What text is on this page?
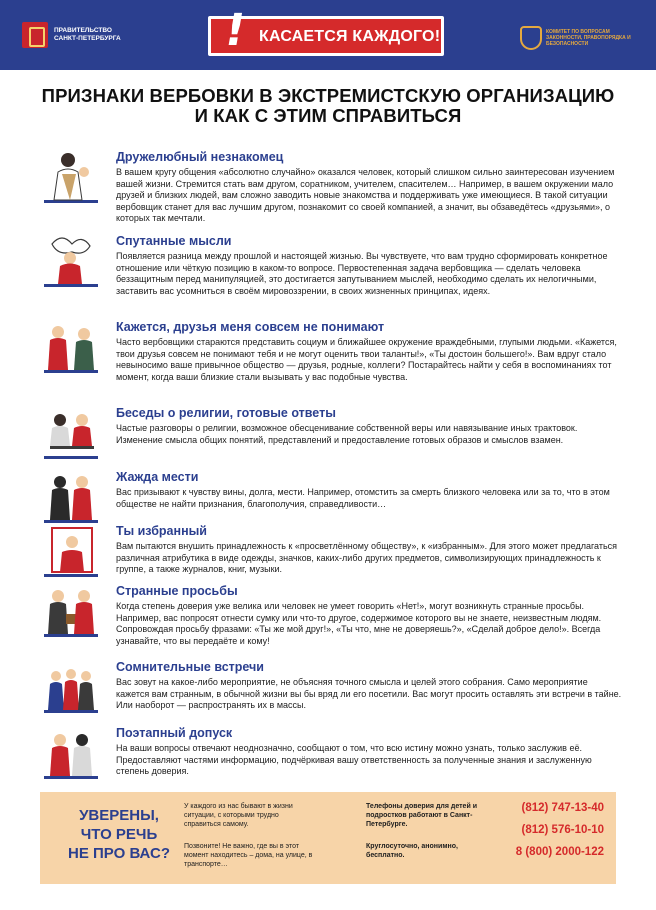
ПРАВИТЕЛЬСТВО САНКТ-ПЕТЕРБУРГА	! КАСАЕТСЯ КАЖДОГО!	КОМИТЕТ ПО ВОПРОСАМ ЗАКОННОСТИ, ПРАВОПОРЯДКА И БЕЗОПАСНОСТИ
ПРИЗНАКИ ВЕРБОВКИ В ЭКСТРЕМИСТСКУЮ ОРГАНИЗАЦИЮ
И КАК С ЭТИМ СПРАВИТЬСЯ
Дружелюбный незнакомец
В вашем кругу общения «абсолютно случайно» оказался человек, который слишком сильно заинтересован изучением вашей жизни. Стремится стать вам другом, соратником, учителем, спасителем… Например, в вашем окружении мало друзей и близких людей, вам сложно заводить новые знакомства и поддерживать уже имеющиеся. В такой ситуации вербовщик станет для вас лучшим другом, познакомит со своей компанией, а значит, вы обзаведётесь «друзьями», о которых так мечтали.
Спутанные мысли
Появляется разница между прошлой и настоящей жизнью. Вы чувствуете, что вам трудно сформировать конкретное отношение или чёткую позицию в каком-то вопросе. Первостепенная задача вербовщика — сделать человека беззащитным перед манипуляцией, это достигается запутыванием мыслей, необходимо сделать их нелогичными, заставить вас усомниться в своём мировоззрении, в своих жизненных принципах, идеях.
Кажется, друзья меня совсем не понимают
Часто вербовщики стараются представить социум и ближайшее окружение враждебными, глупыми людьми. «Кажется, твои друзья совсем не понимают тебя и не могут оценить твои таланты!», «Ты достоин большего!». Вам вдруг стало невыносимо ваше привычное общество — друзья, родные, коллеги? Постарайтесь найти у себя в воспоминаниях тот момент, когда ваши близкие стали вызывать у вас подобные чувства.
Беседы о религии, готовые ответы
Частые разговоры о религии, возможное обесценивание собственной веры или навязывание иных трактовок. Изменение смысла общих понятий, представлений и предоставление готовых образов и смыслов взамен.
Жажда мести
Вас призывают к чувству вины, долга, мести. Например, отомстить за смерть близкого человека или за то, что в этом обществе не найти признания, благополучия, справедливости…
Ты избранный
Вам пытаются внушить принадлежность к «просветлённому обществу», к «избранным». Для этого может предлагаться различная атрибутика в виде одежды, значков, каких-либо других предметов, символизирующих принадлежность к группе, а также журналов, книг, музыки.
Странные просьбы
Когда степень доверия уже велика или человек не умеет говорить «Нет!», могут возникнуть странные просьбы. Например, вас попросят отнести сумку или что-то другое, содержимое которого вы не знаете, неизвестным людям. Сопровождая просьбу фразами: «Ты же мой друг!», «Ты что, мне не доверяешь?», «Сделай доброе дело!». Всегда узнавайте, что вы передаёте и кому!
Сомнительные встречи
Вас зовут на какое-либо мероприятие, не объясняя точного смысла и целей этого собрания. Само мероприятие кажется вам странным, в обычной жизни вы бы вряд ли его посетили. Вас могут просить оставлять эти встречи в тайне. Или наоборот — распространять их в массы.
Поэтапный допуск
На ваши вопросы отвечают неоднозначно, сообщают о том, что всю истину можно узнать, только заслужив её. Предоставляют частями информацию, подчёркивая вашу ответственность за полученные знания и заслуженную степень доверия.
УВЕРЕНЫ,
ЧТО РЕЧЬ
НЕ ПРО ВАС?
У каждого из нас бывают в жизни ситуации, с которыми трудно справиться самому.
Позвоните! Не важно, где вы в этот момент находитесь – дома, на улице, в транспорте…
Телефоны доверия для детей и подростков работают в Санкт-Петербурге.
Круглосуточно, анонимно, бесплатно.
(812) 747-13-40
(812) 576-10-10
8 (800) 2000-122
